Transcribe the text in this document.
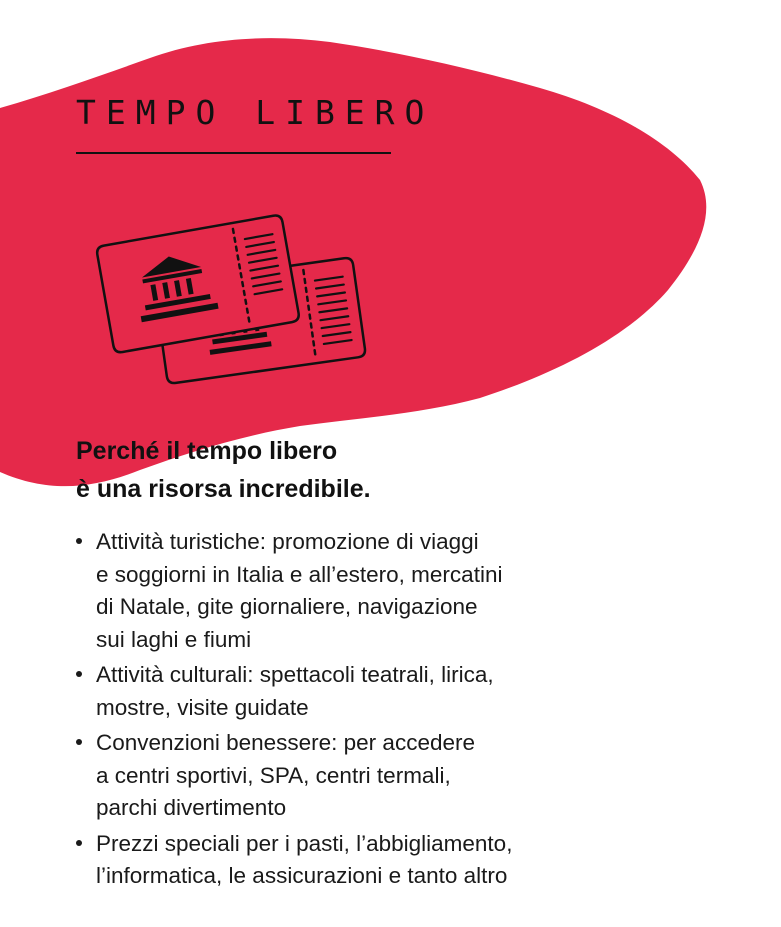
TEMPO LIBERO
Perché il tempo libero
è una risorsa incredibile.
Attività turistiche: promozione di viaggi
e soggiorni in Italia e all’estero, mercatini
di Natale, gite giornaliere, navigazione
sui laghi e fiumi
Attività culturali: spettacoli teatrali, lirica,
mostre, visite guidate
Convenzioni benessere: per accedere
a centri sportivi, SPA, centri termali,
parchi divertimento
Prezzi speciali per i pasti, l’abbigliamento,
l’informatica, le assicurazioni e tanto altro
